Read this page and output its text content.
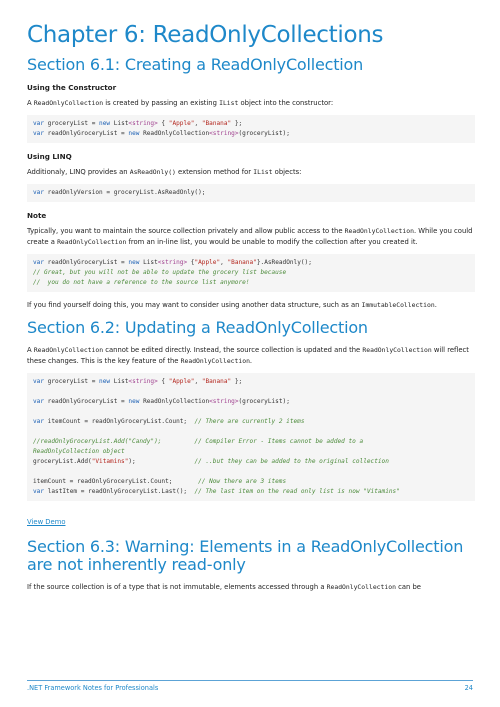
Chapter 6: ReadOnlyCollections
Section 6.1: Creating a ReadOnlyCollection
Using the Constructor

A ReadOnlyCollection is created by passing an existing IList object into the constructor:

var groceryList = new List<string> { "Apple", "Banana" };
var readOnlyGroceryList = new ReadOnlyCollection<string>(groceryList);
Using LINQ

Additionaly, LINQ provides an AsReadOnly() extension method for IList objects:

var readOnlyVersion = groceryList.AsReadOnly();
Note

Typically, you want to maintain the source collection privately and allow public access to the ReadOnlyCollection. While you could create a ReadOnlyCollection from an in-line list, you would be unable to modify the collection after you created it.

var readOnlyGroceryList = new List<string> {"Apple", "Banana"}.AsReadOnly();
// Great, but you will not be able to update the grocery list because
//  you do not have a reference to the source list anymore!

If you find yourself doing this, you may want to consider using another data structure, such as an ImmutableCollection.

Section 6.2: Updating a ReadOnlyCollection

A ReadOnlyCollection cannot be edited directly. Instead, the source collection is updated and the ReadOnlyCollection will reflect these changes. This is the key feature of the ReadOnlyCollection.

var groceryList = new List<string> { "Apple", "Banana" };

var readOnlyGroceryList = new ReadOnlyCollection<string>(groceryList);

var itemCount = readOnlyGroceryList.Count;  // There are currently 2 items

//readOnlyGroceryList.Add("Candy");         // Compiler Error - Items cannot be added to a
ReadOnlyCollection object
groceryList.Add("Vitamins");                // ..but they can be added to the original collection

itemCount = readOnlyGroceryList.Count;	// Now there are 3 items
var lastItem = readOnlyGroceryList.Last();  // The last item on the read only list is now "Vitamins"
View Demo
Section 6.3: Warning: Elements in a ReadOnlyCollection are not inherently read-only

If the source collection is of a type that is not immutable, elements accessed through a ReadOnlyCollection can be

.NET Framework Notes for Professionals	24
